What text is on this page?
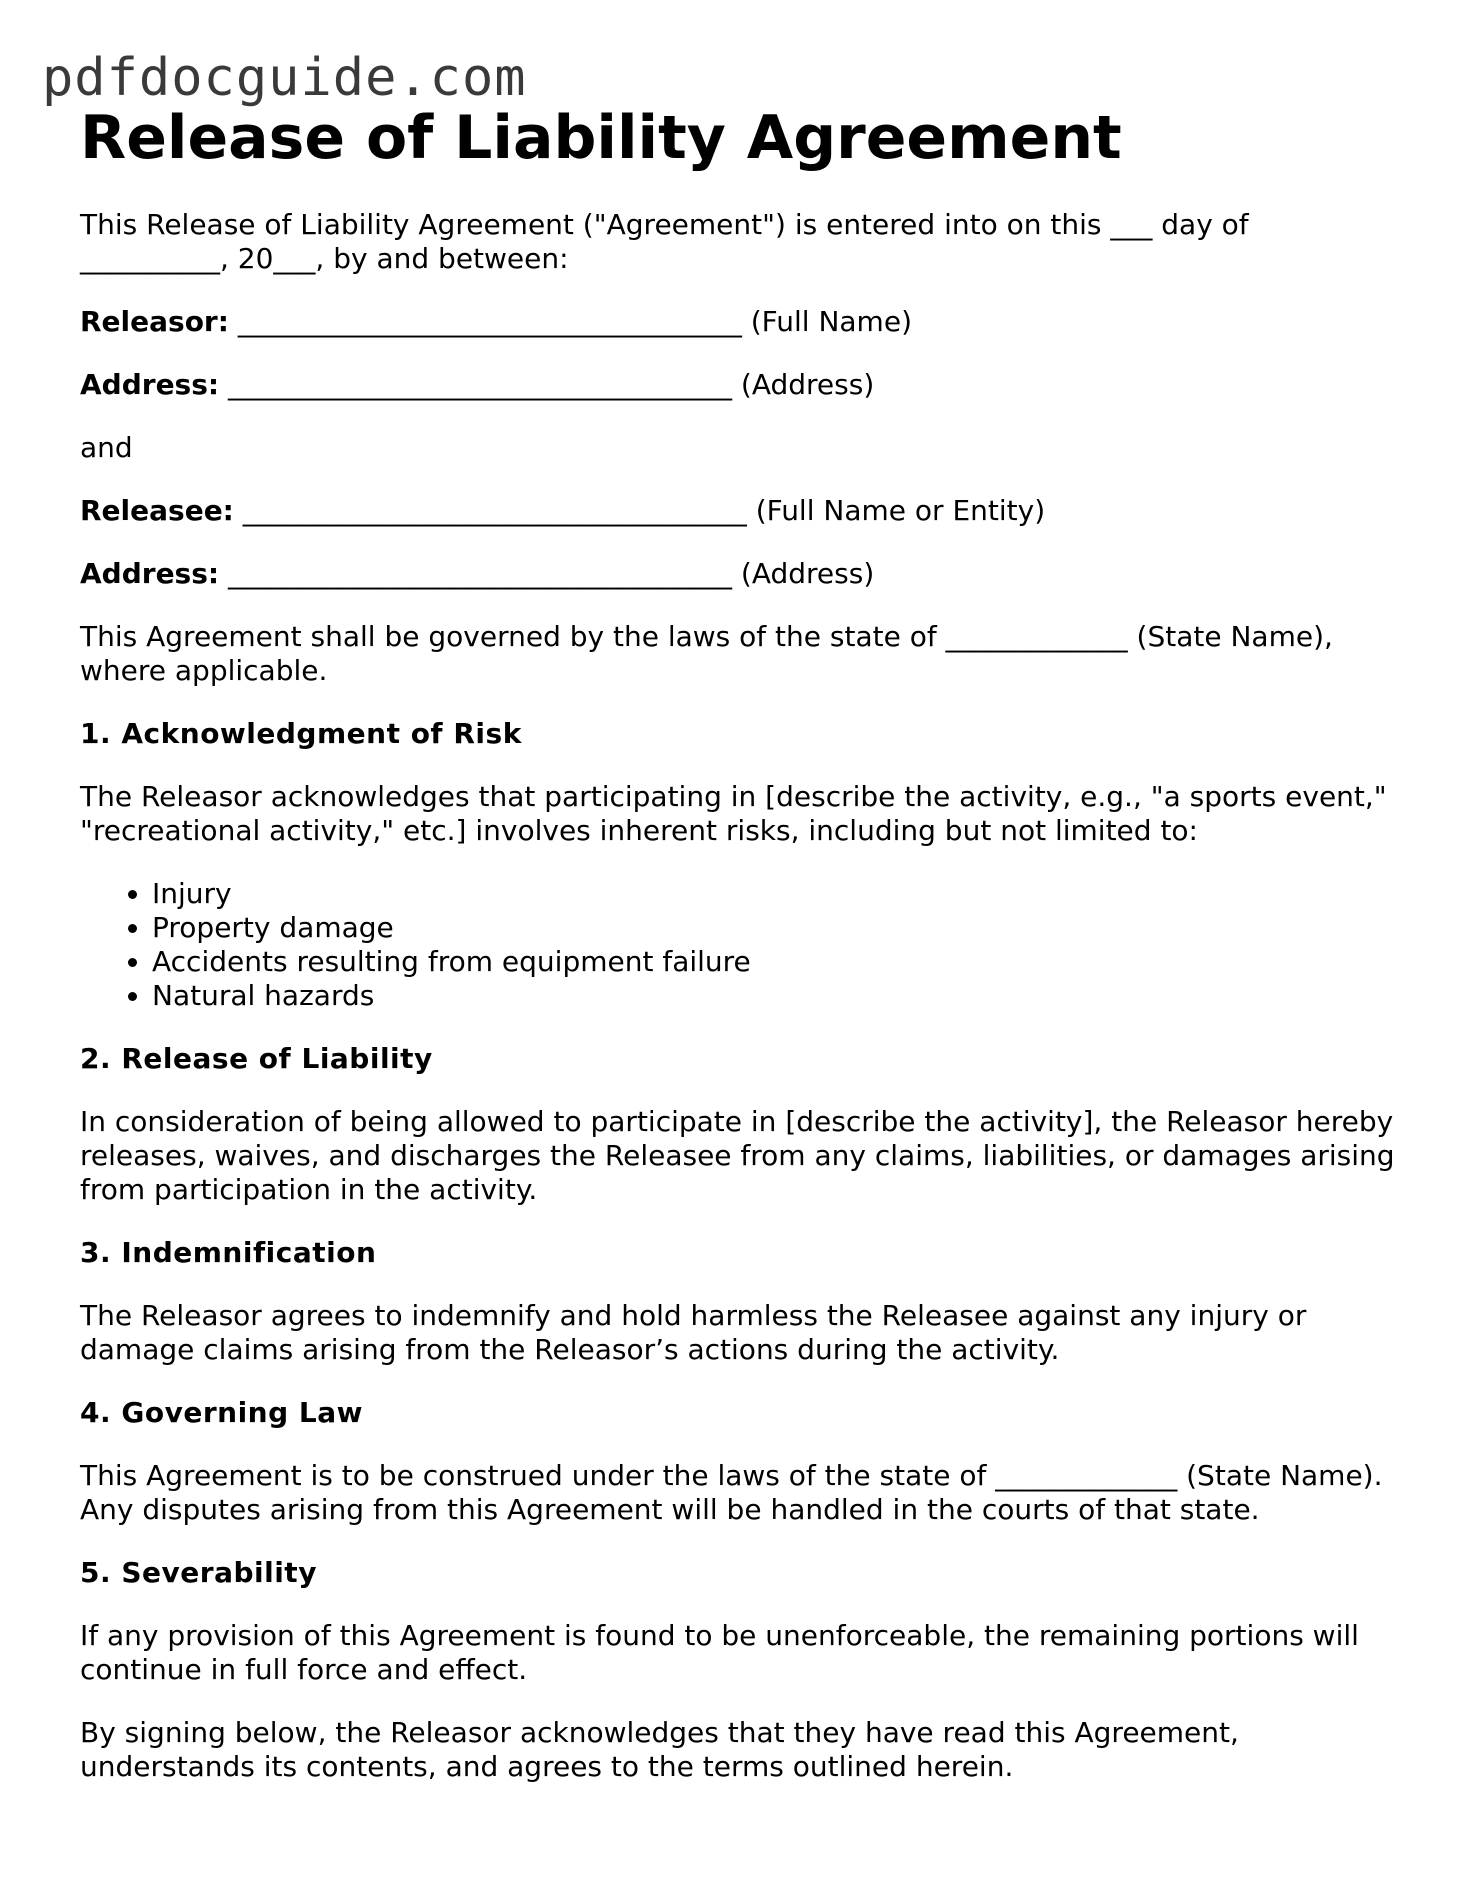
pdfdocguide.com
Release of Liability Agreement

This Release of Liability Agreement ("Agreement") is entered into on this ___ day of __________, 20___, by and between:

Releasor: ____________________________________ (Full Name)

Address: ____________________________________ (Address)

and

Releasee: ____________________________________ (Full Name or Entity)

Address: ____________________________________ (Address)

This Agreement shall be governed by the laws of the state of _____________ (State Name), where applicable.

1. Acknowledgment of Risk

The Releasor acknowledges that participating in [describe the activity, e.g., "a sports event," "recreational activity," etc.] involves inherent risks, including but not limited to:

• Injury
• Property damage
• Accidents resulting from equipment failure
• Natural hazards
2. Release of Liability

In consideration of being allowed to participate in [describe the activity], the Releasor hereby releases, waives, and discharges the Releasee from any claims, liabilities, or damages arising from participation in the activity.

3. Indemnification

The Releasor agrees to indemnify and hold harmless the Releasee against any injury or damage claims arising from the Releasor’s actions during the activity.

4. Governing Law

This Agreement is to be construed under the laws of the state of _____________ (State Name). Any disputes arising from this Agreement will be handled in the courts of that state.

5. Severability

If any provision of this Agreement is found to be unenforceable, the remaining portions will continue in full force and effect.

By signing below, the Releasor acknowledges that they have read this Agreement, understands its contents, and agrees to the terms outlined herein.
